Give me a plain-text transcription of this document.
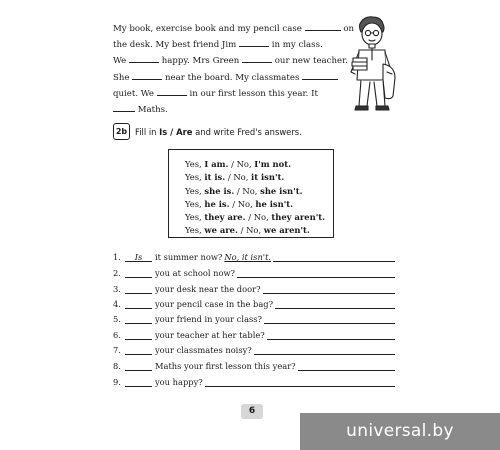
My book, exercise book and my pencil case	on
the desk. My best friend Jim	in my class.
We	happy. Mrs Green	our new teacher.
She	near the board. My classmates
quiet. We	in our first lesson this year. It
Maths.
2b Fill in
Is / Are
and write Fred's answers.
Yes, I am. / No, I'm not.
Yes, it is. / No, it isn't.
Yes, she is. / No, she isn't.
Yes, he is. / No, he isn't.
Yes, they are. / No, they aren't.
Yes, we are. / No, we aren't.
1.	Is	it summer now? No, it isn't.
2.	you at school now?
3.	your desk near the door?
4.	your pencil case in the bag?
5.	your friend in your class?
6.	your teacher at her table?
7.	your classmates noisy?
8.	Maths your first lesson this year?
9.	you happy?
6
universal.by
